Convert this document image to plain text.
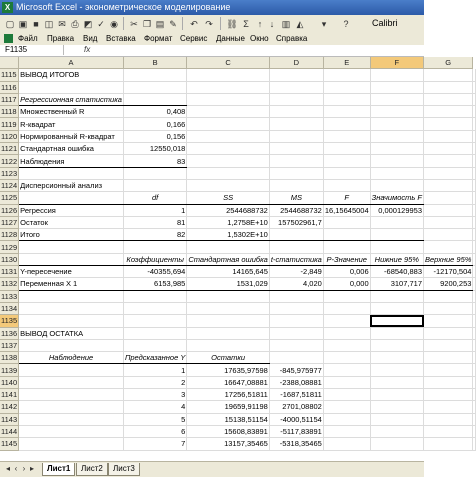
X Microsoft Excel - эконометрическое моделирование
▢ ▣ ■ ◫ ✉ ⎙ ◩ ✓ ◉ ✂ ❐ ▤ ✎ ↶ ↷ ⛓ Σ ↑ ↓ ▥ ◭	▾	?	Calibri
Файл Правка Вид Вставка Формат Сервис Данные Окно Справка
F1135	fx
	A	B	C	D	E	F	G	
1115	ВЫВОД ИТОГОВ							
1116								
1117	Регрессионная статистика							
1118	Множественный R	0,408						
1119	R-квадрат	0,166						
1120	Нормированный R-квадрат	0,156						
1121	Стандартная ошибка	12550,018						
1122	Наблюдения	83						
1123								
1124	Дисперсионный анализ							
1125		df	SS	MS	F	Значимость F		
1126	Регрессия	1	2544688732	2544688732	16,15645004	0,000129953		
1127	Остаток	81	1,2758E+10	157502961,7				
1128	Итого	82	1,5302E+10					
1129								
1130		Коэффициенты	Стандартная ошибка	t-статистика	P-Значение	Нижние 95%	Верхние 95%	
1131	Y-пересечение	-40355,694	14165,645	-2,849	0,006	-68540,883	-12170,504	
1132	Переменная X 1	6153,985	1531,029	4,020	0,000	3107,717	9200,253	
1133								
1134								
1135								
1136	ВЫВОД ОСТАТКА							
1137								
1138	Наблюдение	Предсказанное Y	Остатки					
1139		1	17635,97598	-845,975977				
1140		2	16647,08881	-2388,08881				
1141		3	17256,51811	-1687,51811				
1142		4	19659,91198	2701,08802				
1143		5	15138,51154	-4000,51154				
1144		6	15608,83891	-5117,83891				
1145		7	13157,35465	-5318,35465				
◂ ‹ › ▸	Лист1	Лист2	Лист3
